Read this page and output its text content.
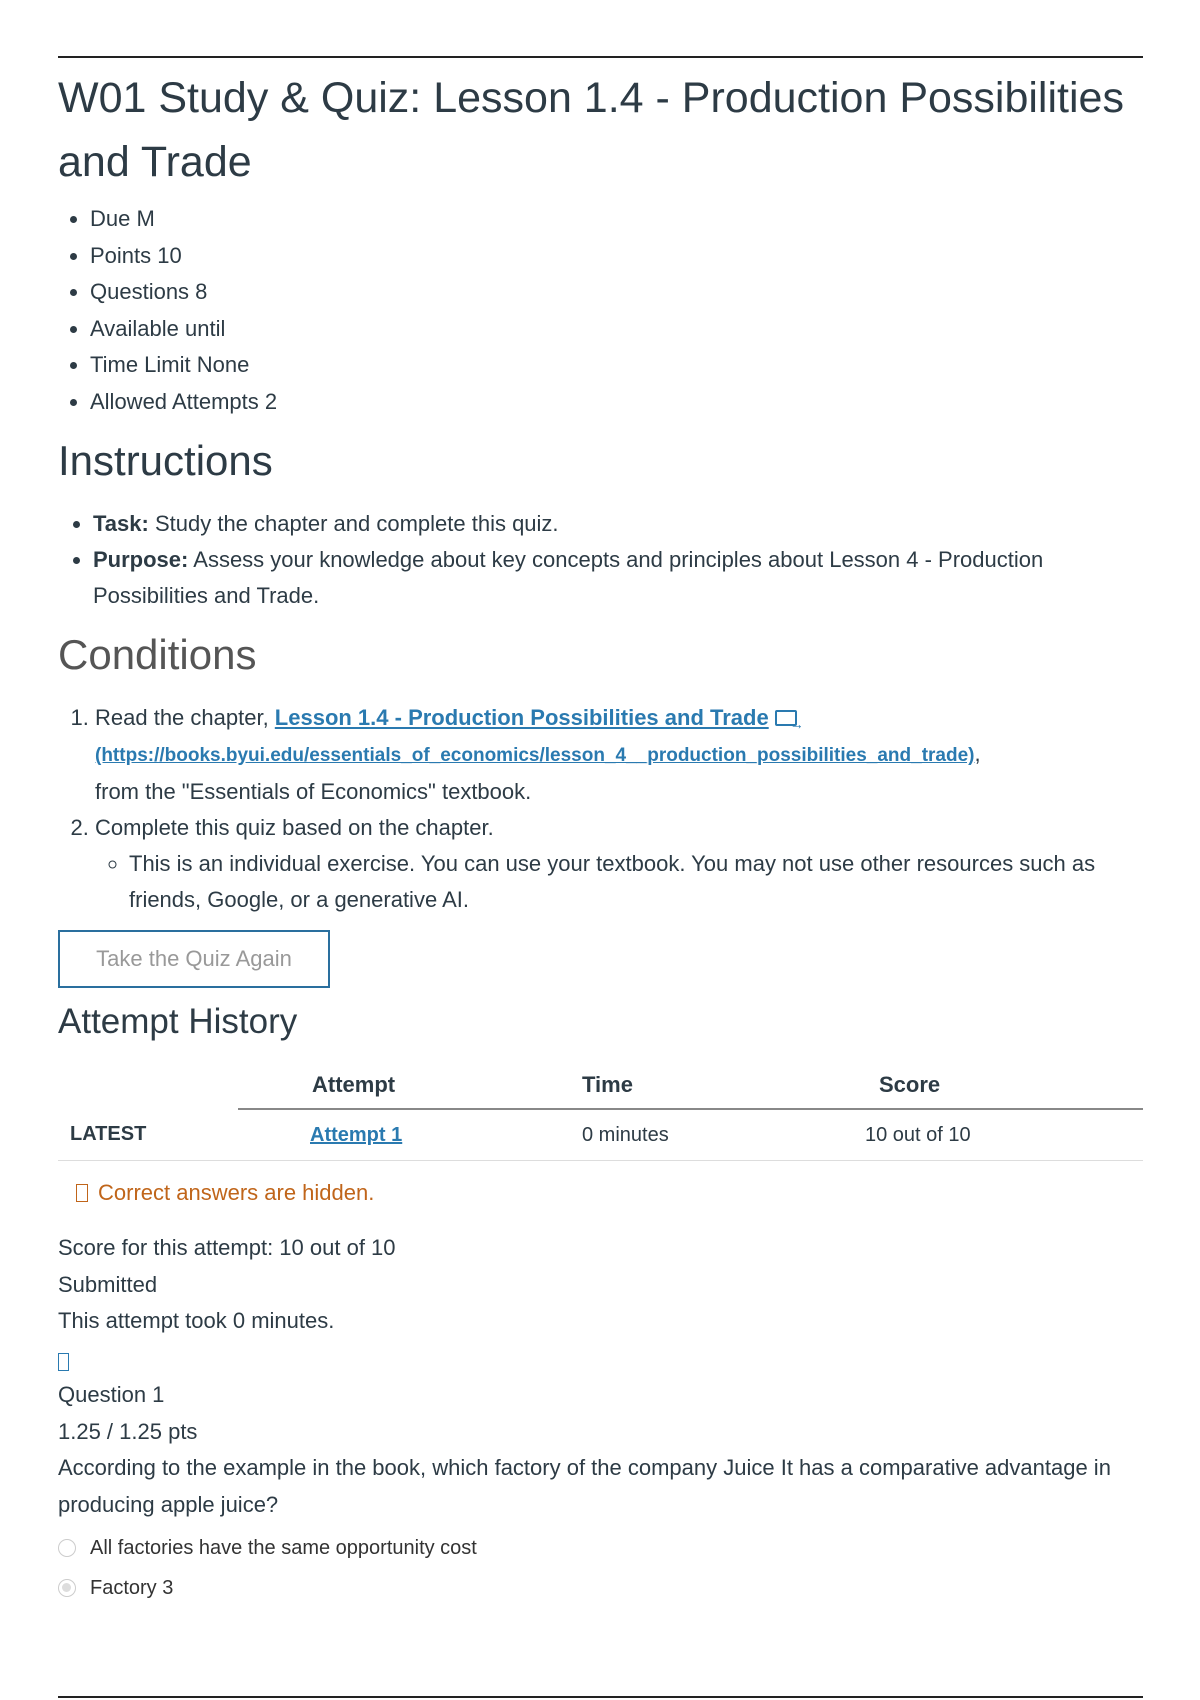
W01 Study & Quiz: Lesson 1.4 - Production Possibilities and Trade
• Due M
• Points 10
• Questions 8
• Available until
• Time Limit None
• Allowed Attempts 2
Instructions
• Task: Study the chapter and complete this quiz.
• Purpose: Assess your knowledge about key concepts and principles about Lesson 4 - Production Possibilities and Trade.
Conditions
1. Read the chapter, Lesson 1.4 - Production Possibilities and Trade→
(https://books.byui.edu/essentials_of_economics/lesson_4__production_possibilities_and_trade),
from the "Essentials of Economics" textbook.
2. Complete this quiz based on the chapter.
◦ This is an individual exercise. You can use your textbook. You may not use other resources such as friends, Google, or a generative AI.
Take the Quiz Again
Attempt History
	Attempt	Time	Score
LATEST	Attempt 1	0 minutes	10 out of 10
Correct answers are hidden.
Score for this attempt: 10 out of 10
Submitted
This attempt took 0 minutes.
Question 1
1.25 / 1.25 pts
According to the example in the book, which factory of the company Juice It has a comparative advantage in producing apple juice?
All factories have the same opportunity cost
Factory 3
